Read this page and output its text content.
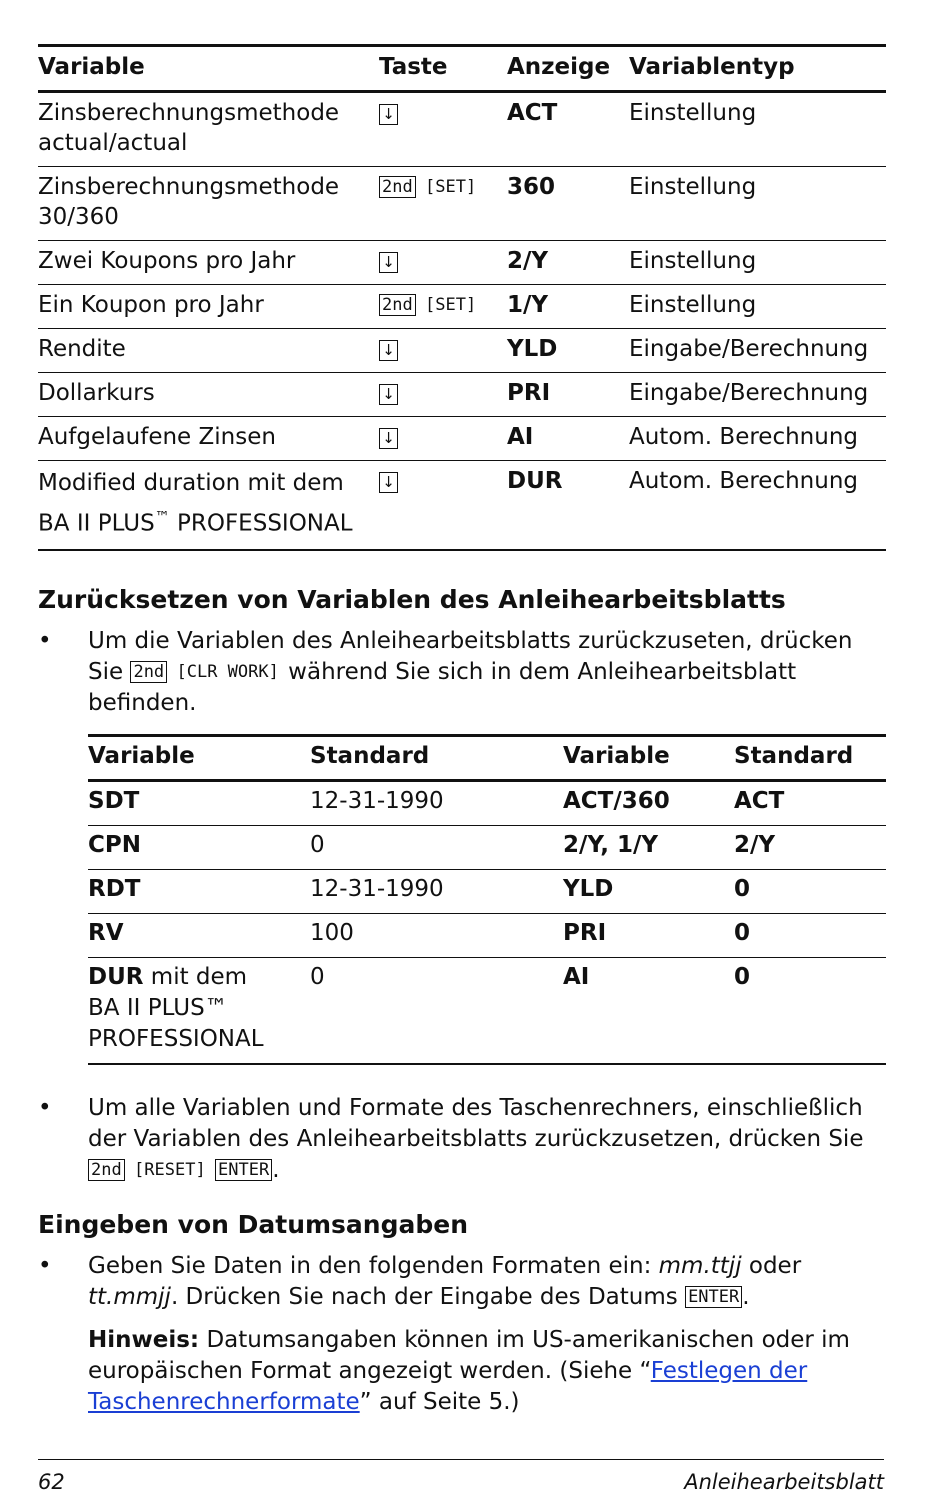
Variable	Taste	Anzeige	Variablentyp
Zinsberechnungsmethode actual/actual	↓	ACT	Einstellung
Zinsberechnungsmethode 30/360	2nd [ SET ]	360	Einstellung
Zwei Koupons pro Jahr	↓	2/Y	Einstellung
Ein Koupon pro Jahr	2nd [ SET ]	1/Y	Einstellung
Rendite	↓	YLD	Eingabe/Berechnung
Dollarkurs	↓	PRI	Eingabe/Berechnung
Aufgelaufene Zinsen	↓	AI	Autom. Berechnung
Modified duration mit dem
BA II PLUS™ PROFESSIONAL	↓	DUR	Autom. Berechnung
Zurücksetzen von Variablen des Anleihearbeitsblatts
• Um die Variablen des Anleihearbeitsblatts zurückzuseten, drücken Sie 2nd [ CLR WORK ] während Sie sich in dem Anleihearbeitsblatt befinden.
Variable	Standard	Variable	Standard
SDT	12-31-1990	ACT/360	ACT
CPN	0	2/Y, 1/Y	2/Y
RDT	12-31-1990	YLD	0
RV	100	PRI	0
DUR mit dem
BA II PLUS™
PROFESSIONAL	0	AI	0
• Um alle Variablen und Formate des Taschenrechners, einschließlich der Variablen des Anleihearbeitsblatts zurückzusetzen, drücken Sie 2nd [ RESET ] ENTER .
Eingeben von Datumsangaben
• Geben Sie Daten in den folgenden Formaten ein: mm.ttjj oder
tt.mmjj. Drücken Sie nach der Eingabe des Datums ENTER .
Hinweis: Datumsangaben können im US-amerikanischen oder im europäischen Format angezeigt werden. (Siehe “Festlegen der Taschenrechnerformate” auf Seite 5.)
62	Anleihearbeitsblatt
